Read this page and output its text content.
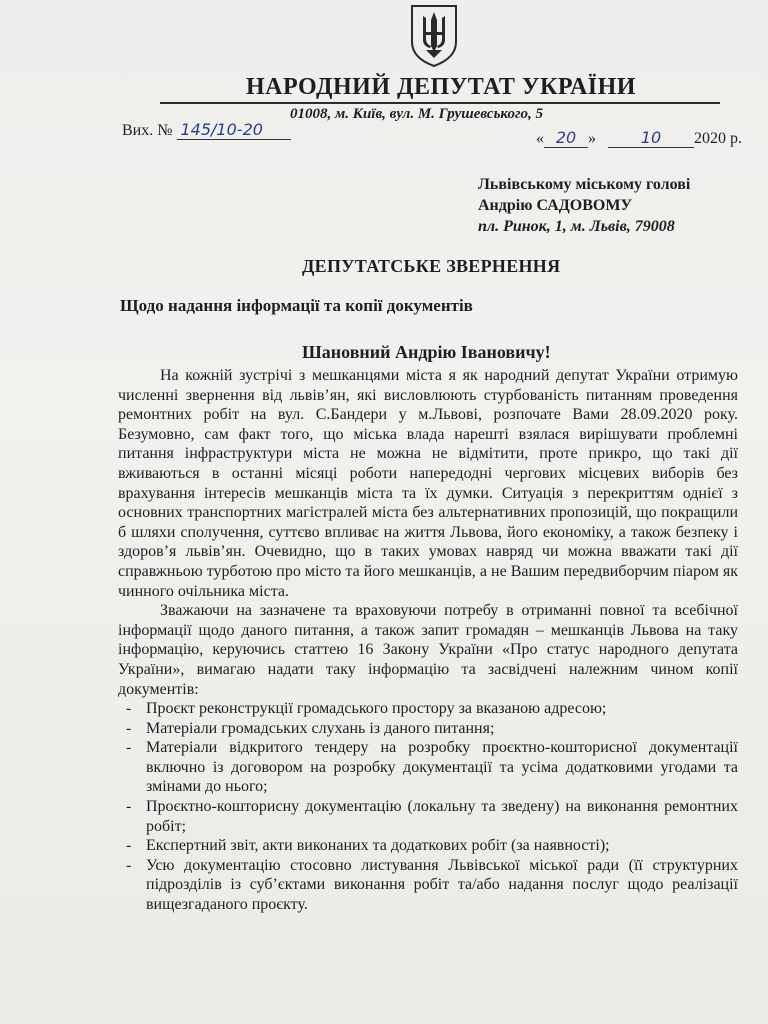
НАРОДНИЙ ДЕПУТАТ УКРАЇНИ
01008, м. Київ, вул. М. Грушевського, 5
Вих. № 145/10-20	« 20 »	10 2020 р.
Львівському міському голові
Андрію САДОВОМУ
пл. Ринок, 1, м. Львів, 79008
ДЕПУТАТСЬКЕ ЗВЕРНЕННЯ
Щодо надання інформації та копії документів
Шановний Андрію Івановичу!

На кожній зустрічі з мешканцями міста я як народний депутат України отримую численні звернення від львів’ян, які висловлюють стурбованість питанням проведення ремонтних робіт на вул. С.Бандери у м.Львові, розпочате Вами 28.09.2020 року. Безумовно, сам факт того, що міська влада нарешті взялася вирішувати проблемні питання інфраструктури міста не можна не відмітити, проте прикро, що такі дії вживаються в останні місяці роботи напередодні чергових місцевих виборів без врахування інтересів мешканців міста та їх думки. Ситуація з перекриттям однієї з основних транспортних магістралей міста без альтернативних пропозицій, що покращили б шляхи сполучення, суттєво впливає на життя Львова, його економіку, а також безпеку і здоров’я львів’ян. Очевидно, що в таких умовах навряд чи можна вважати такі дії справжньою турботою про місто та його мешканців, а не Вашим передвиборчим піаром як чинного очільника міста.

Зважаючи на зазначене та враховуючи потребу в отриманні повної та всебічної інформації щодо даного питання, а також запит громадян – мешканців Львова на таку інформацію, керуючись статтею 16 Закону України «Про статус народного депутата України», вимагаю надати таку інформацію та засвідчені належним чином копії документів:

- Проєкт реконструкції громадського простору за вказаною адресою;
- Матеріали громадських слухань із даного питання;
- Матеріали відкритого тендеру на розробку проєктно-кошторисної документації включно із договором на розробку документації та усіма додатковими угодами та змінами до нього;
- Проєктно-кошторисну документацію (локальну та зведену) на виконання ремонтних робіт;
- Експертний звіт, акти виконаних та додаткових робіт (за наявності);
- Усю документацію стосовно листування Львівської міської ради (її структурних підрозділів із суб’єктами виконання робіт та/або надання послуг щодо реалізації вищезгаданого проєкту.
